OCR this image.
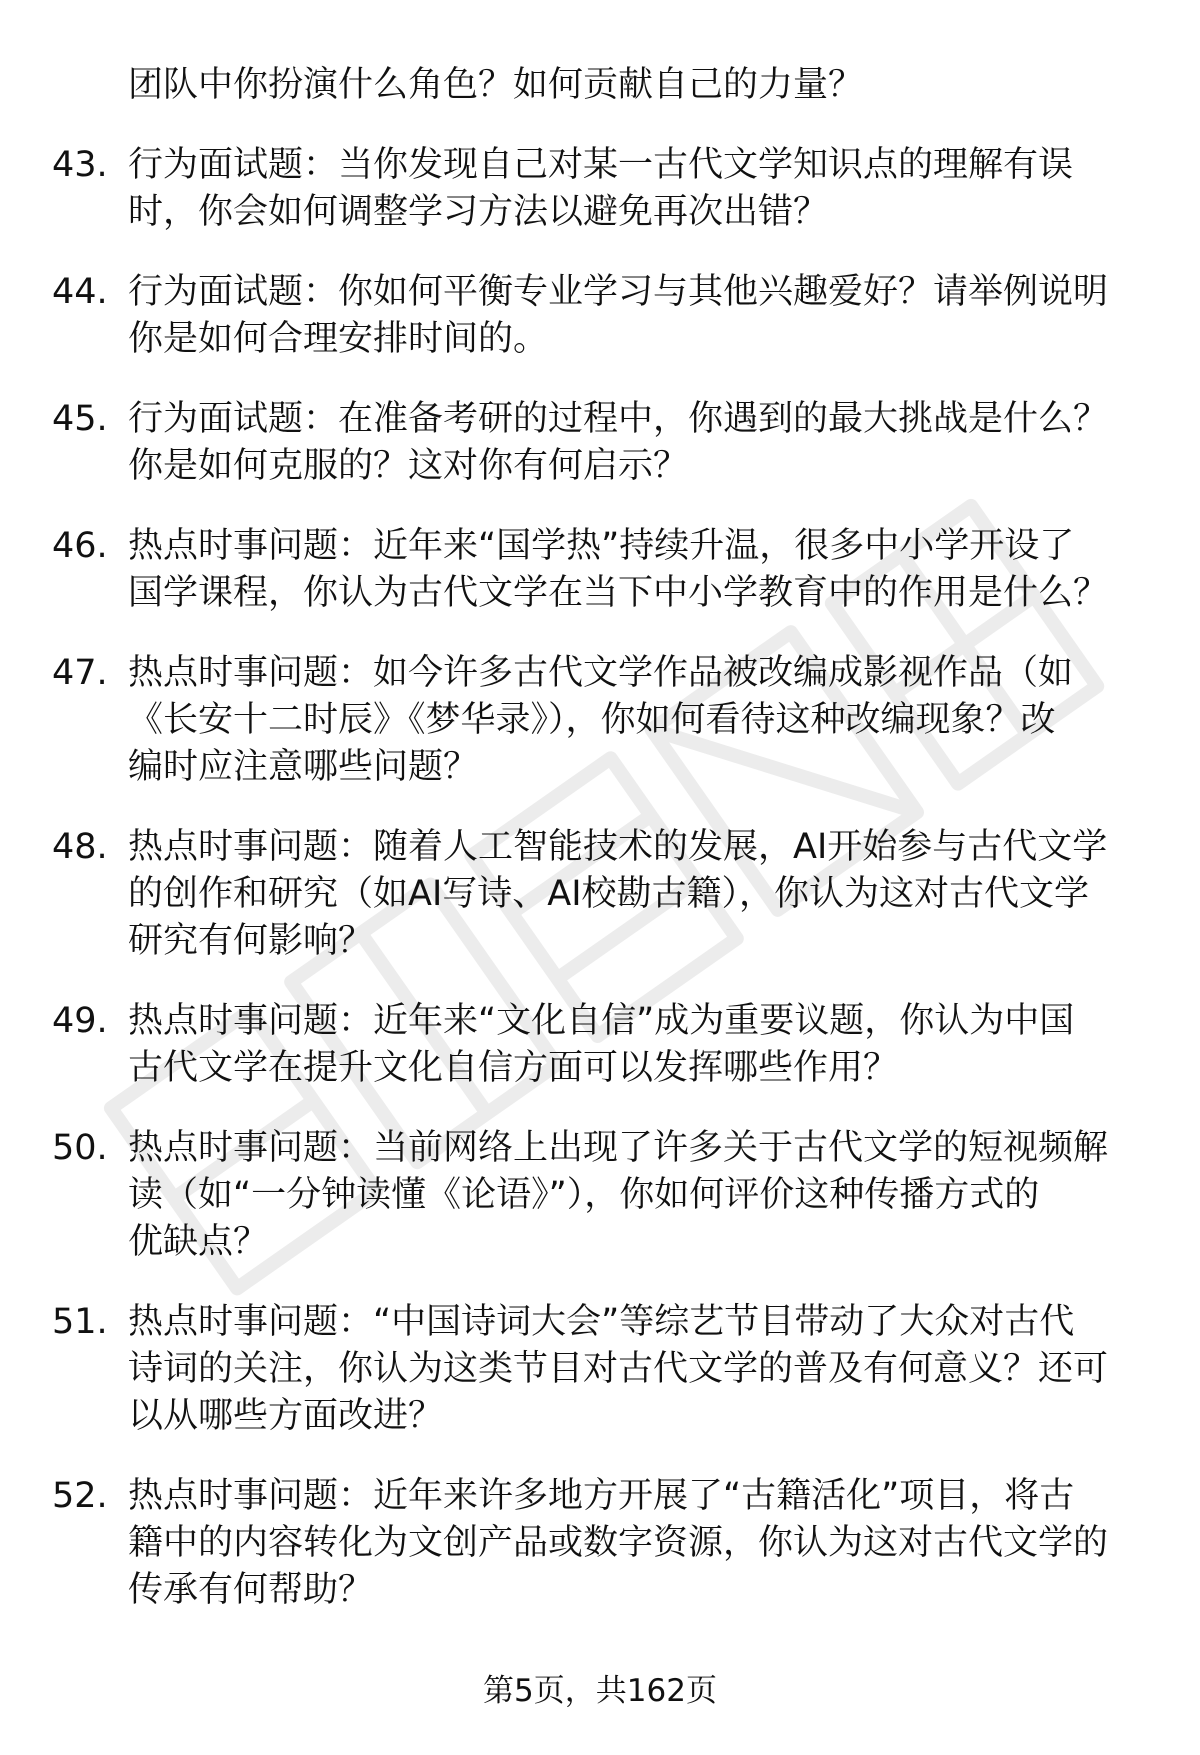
团队中你扮演什么角色？如何贡献自己的力量？
43. 行为面试题：当你发现自己对某一古代文学知识点的理解有误
时，你会如何调整学习方法以避免再次出错？
44. 行为面试题：你如何平衡专业学习与其他兴趣爱好？请举例说明
你是如何合理安排时间的。
45. 行为面试题：在准备考研的过程中，你遇到的最大挑战是什么？
你是如何克服的？这对你有何启示？
46. 热点时事问题：近年来“国学热”持续升温，很多中小学开设了
国学课程，你认为古代文学在当下中小学教育中的作用是什么？
47. 热点时事问题：如今许多古代文学作品被改编成影视作品（如
《长安十二时辰》《梦华录》），你如何看待这种改编现象？改
编时应注意哪些问题？
48. 热点时事问题：随着人工智能技术的发展，AI开始参与古代文学
的创作和研究（如AI写诗、AI校勘古籍），你认为这对古代文学
研究有何影响？
49. 热点时事问题：近年来“文化自信”成为重要议题，你认为中国
古代文学在提升文化自信方面可以发挥哪些作用？
50. 热点时事问题：当前网络上出现了许多关于古代文学的短视频解
读（如“一分钟读懂《论语》”），你如何评价这种传播方式的
优缺点？
51. 热点时事问题：“中国诗词大会”等综艺节目带动了大众对古代
诗词的关注，你认为这类节目对古代文学的普及有何意义？还可
以从哪些方面改进？
52. 热点时事问题：近年来许多地方开展了“古籍活化”项目，将古
籍中的内容转化为文创产品或数字资源，你认为这对古代文学的
传承有何帮助？
第5页，共162页
